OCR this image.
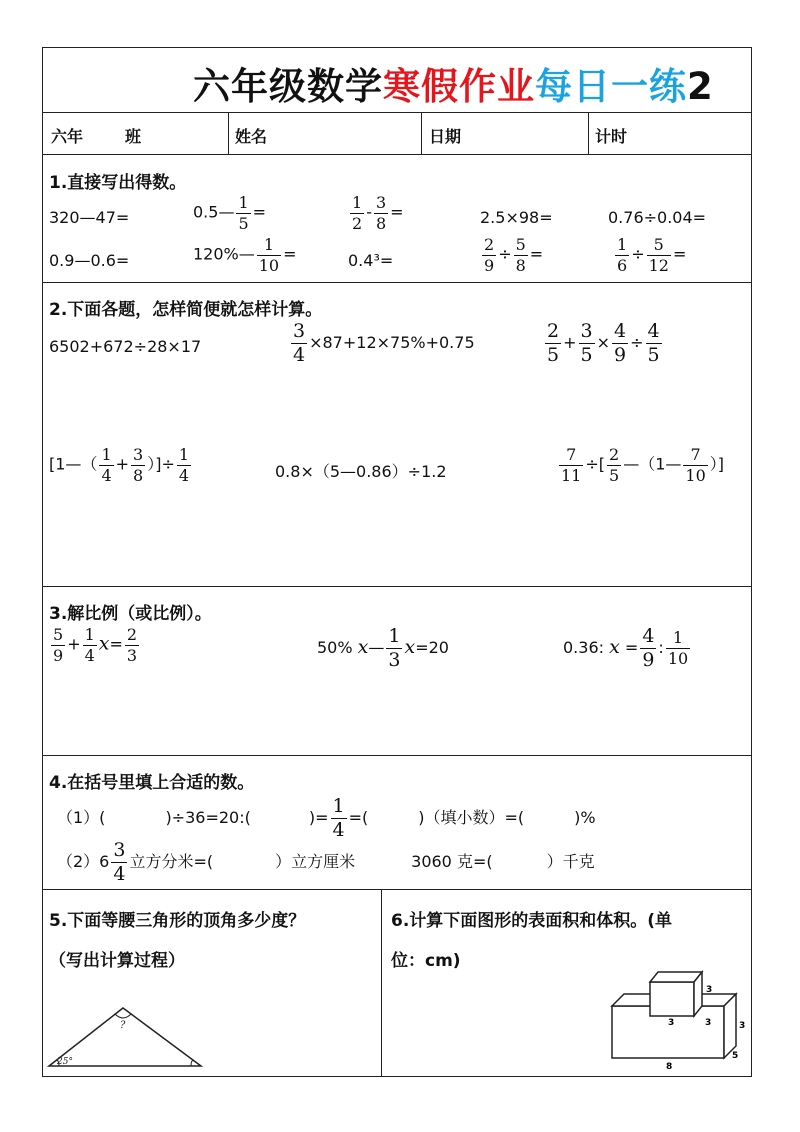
六年级数学寒假作业每日一练2
六年	班	姓名	日期	计时
1.直接写出得数。
320—47=	0.5— $\frac{1}{5}$ =	$\frac{1}{2} - \frac{3}{8}$ =	2.5×98=	0.76÷0.04=
0.9—0.6=	120%— $\frac{1}{10}$ =	0.4³=	$\frac{2}{9} \div \frac{5}{8}$ =	$\frac{1}{6} \div \frac{5}{12}$ =
2.下面各题，怎样简便就怎样计算。
6502+672÷28×17	$\frac{3}{4} \times 87+12\times 75\%+0.75$	$\frac{2}{5} + \frac{3}{5} \times \frac{4}{9} \div \frac{4}{5}$
[1—（ $\frac{1}{4} + \frac{3}{8}$ ）]÷ $\frac{1}{4}$	0.8×（5—0.86）÷1.2	$\frac{7}{11}$ ÷[ $\frac{2}{5}$ —（1— $\frac{7}{10}$ ）]
3.解比例（或比例）。
$\frac{5}{9} + \frac{1}{4} x= \frac{2}{3}$	50% x— $\frac{1}{3} x=20$	0.36: $x = \frac{4}{9}$ : $\frac{1}{10}$
4.在括号里填上合适的数。
（1）(	)÷36=20:(	)= $\frac{1}{4}$ =(	)（填小数）=(	)%
$(2)6 \frac{3}{4}$ 立方分米=(	）立方厘米	3060 克=(	）千克
5.下面等腰三角形的顶角多少度？
（写出计算过程）
?
25°
6.计算下面图形的表面积和体积。(单
位：cm)
3
3	3	3
5
8
